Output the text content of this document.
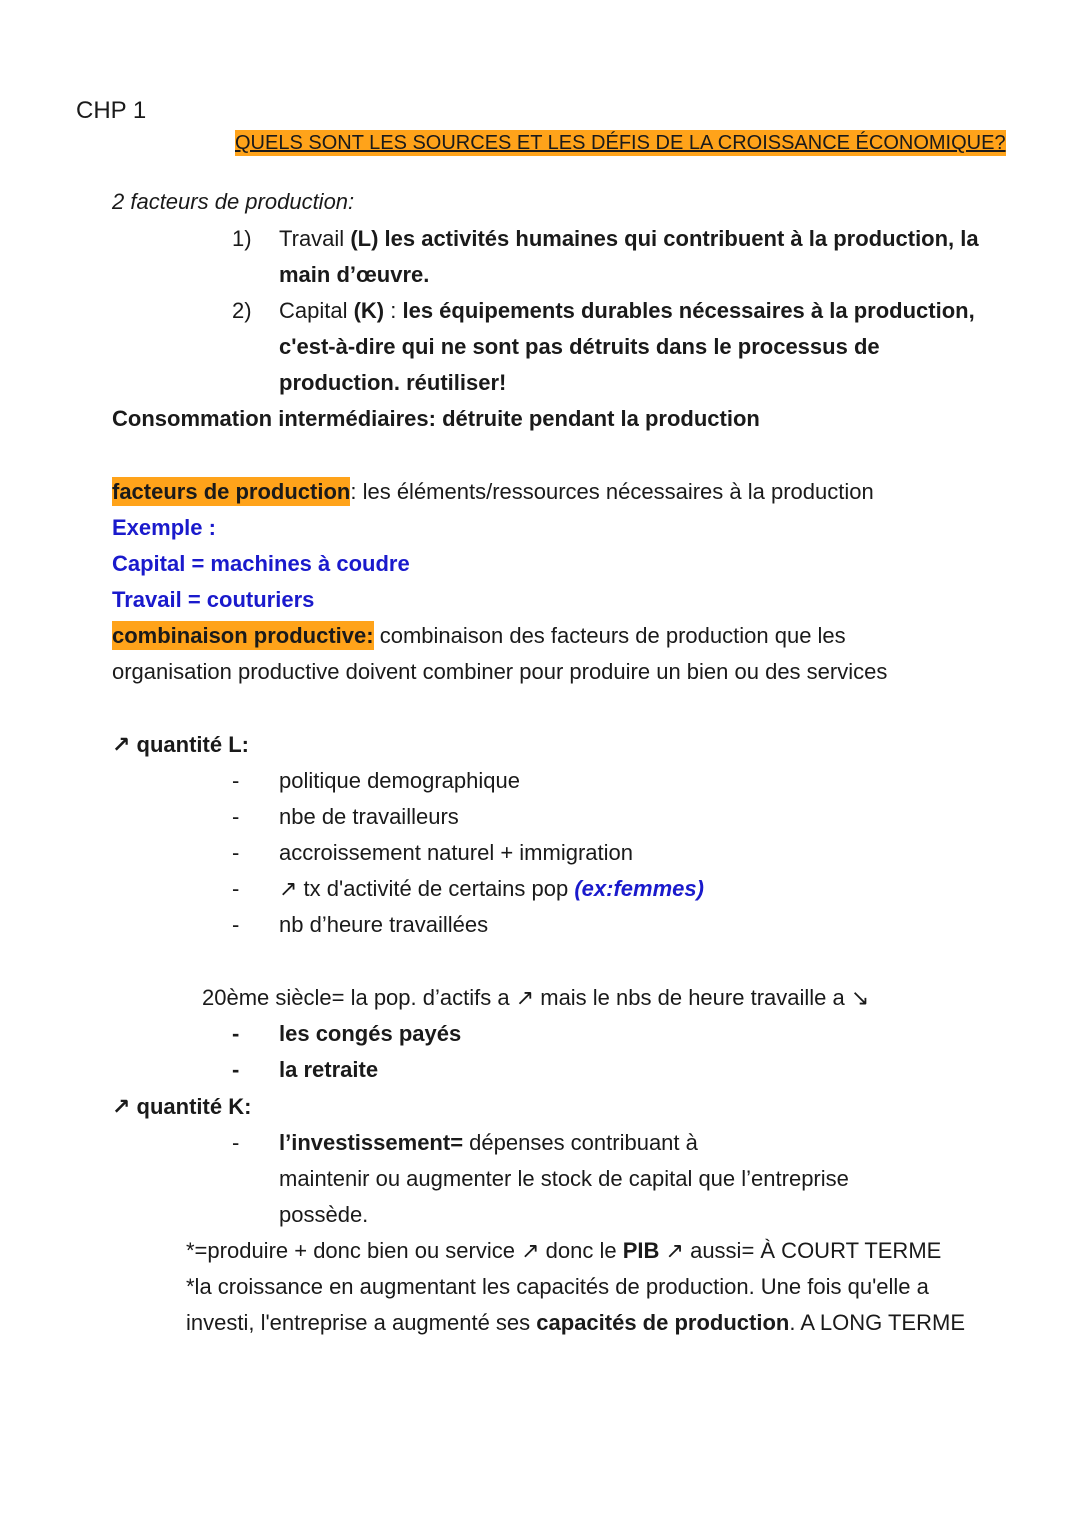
CHP 1
QUELS SONT LES SOURCES ET LES DÉFIS DE LA CROISSANCE ÉCONOMIQUE?
2 facteurs de production:
1) Travail (L) les activités humaines qui contribuent à la production, la
main d’œuvre.
2) Capital (K) : les équipements durables nécessaires à la production,
c'est-à-dire qui ne sont pas détruits dans le processus de
production. réutiliser!
Consommation intermédiaires: détruite pendant la production
facteurs de production: les éléments/ressources nécessaires à la production
Exemple :
Capital = machines à coudre
Travail = couturiers
combinaison productive: combinaison des facteurs de production que les
organisation productive doivent combiner pour produire un bien ou des services
↗ quantité L:
- politique demographique
- nbe de travailleurs
- accroissement naturel + immigration
- ↗ tx d'activité de certains pop (ex:femmes)
- nb d’heure travaillées
20ème siècle= la pop. d’actifs a ↗ mais le nbs de heure travaille a ↘
- les congés payés
- la retraite
↗ quantité K:
- l’investissement= dépenses contribuant à
maintenir ou augmenter le stock de capital que l’entreprise
possède.
*=produire + donc bien ou service ↗ donc le PIB ↗ aussi= À COURT TERME
*la croissance en augmentant les capacités de production. Une fois qu'elle a
investi, l'entreprise a augmenté ses capacités de production. A LONG TERME
